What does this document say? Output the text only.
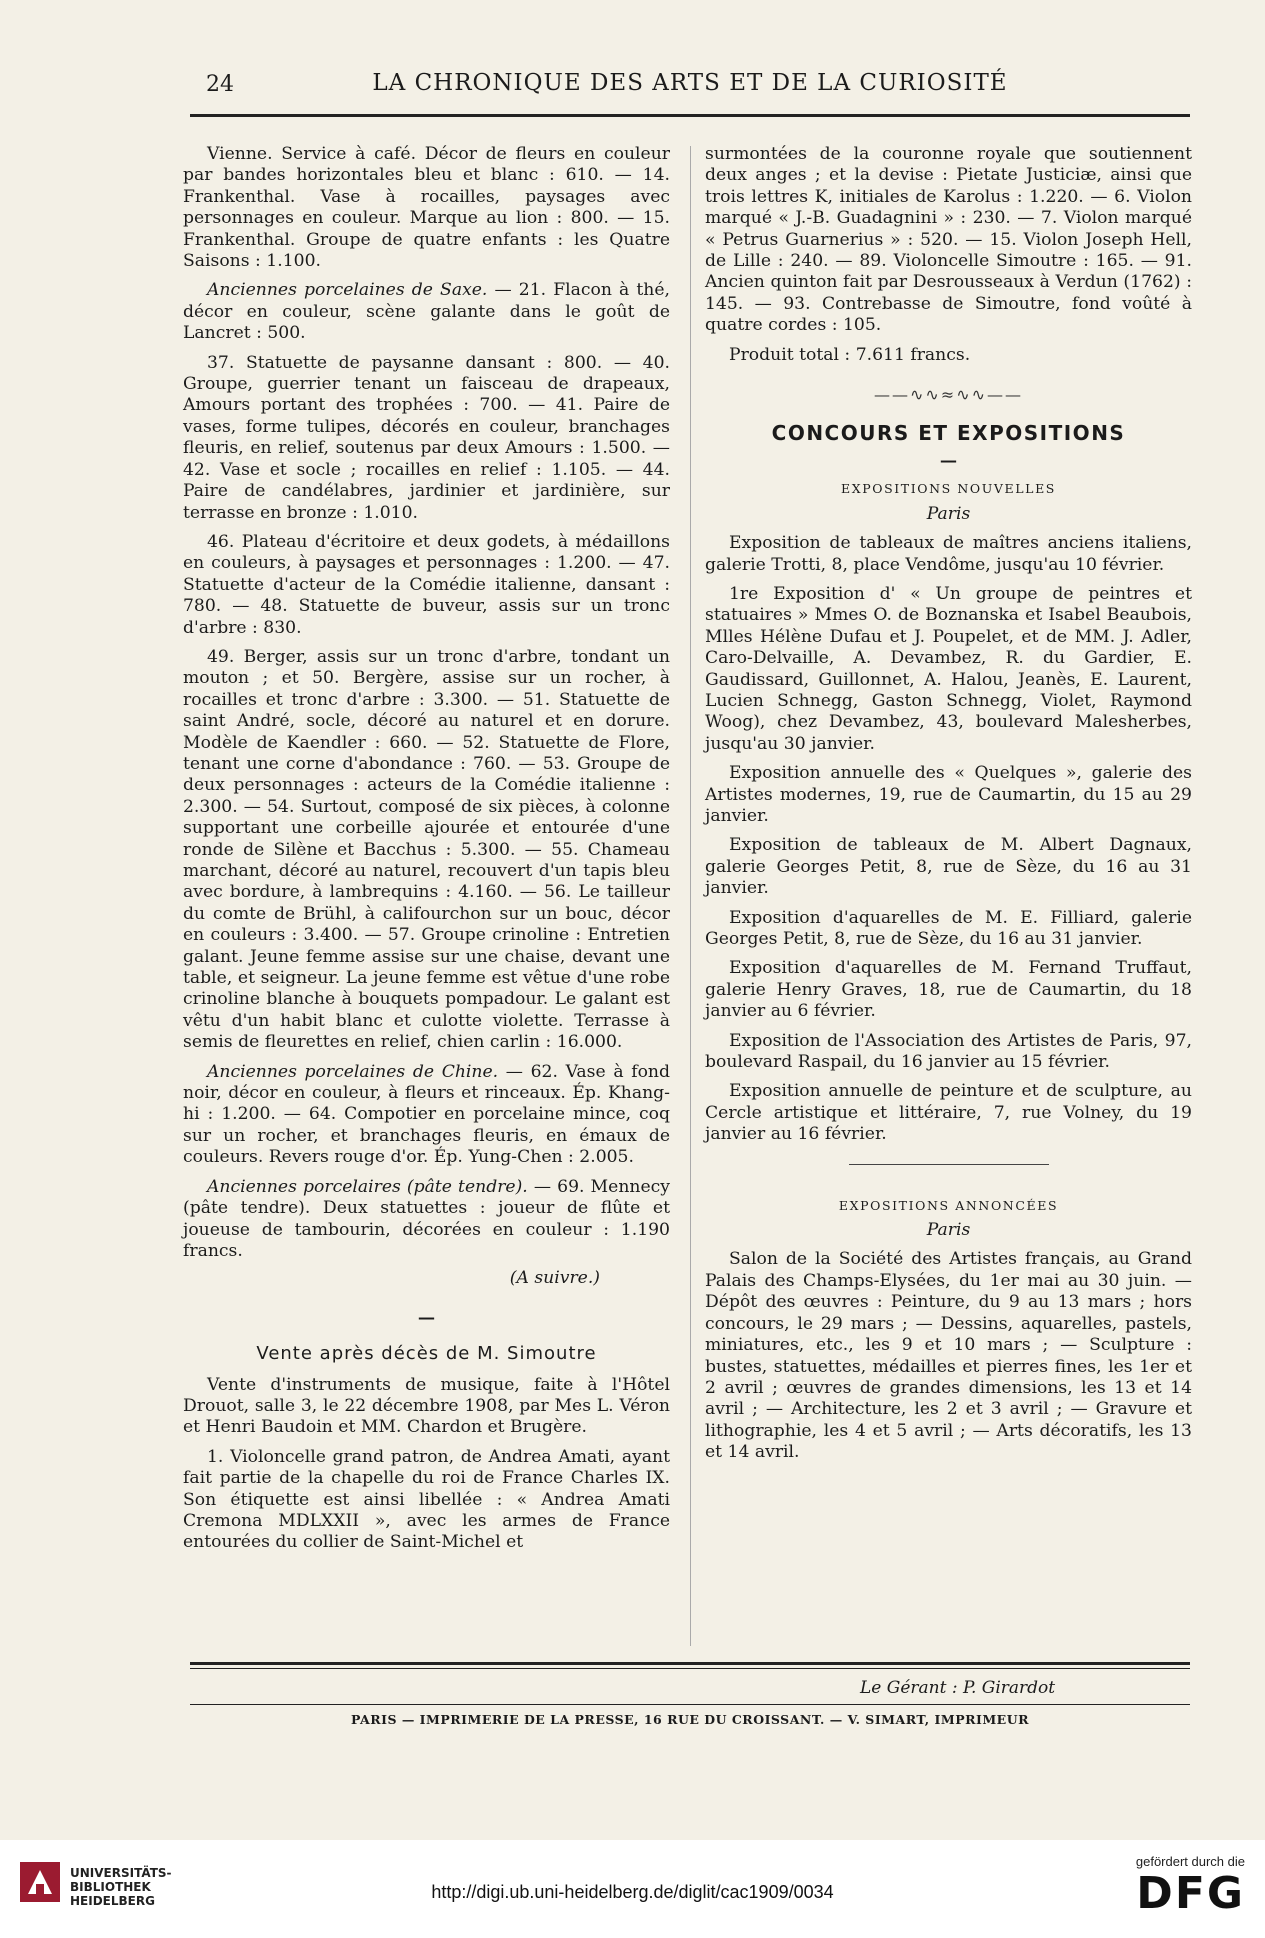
24	LA CHRONIQUE DES ARTS ET DE LA CURIOSITÉ

Vienne. Service à café. Décor de fleurs en couleur par bandes horizontales bleu et blanc : 610. — 14. Frankenthal. Vase à rocailles, paysages avec personnages en couleur. Marque au lion : 800. — 15. Frankenthal. Groupe de quatre enfants : les Quatre Saisons : 1.100.

Anciennes porcelaines de Saxe. — 21. Flacon à thé, décor en couleur, scène galante dans le goût de Lancret : 500.

37. Statuette de paysanne dansant : 800. — 40. Groupe, guerrier tenant un faisceau de drapeaux, Amours portant des trophées : 700. — 41. Paire de vases, forme tulipes, décorés en couleur, branchages fleuris, en relief, soutenus par deux Amours : 1.500. — 42. Vase et socle ; rocailles en relief : 1.105. — 44. Paire de candélabres, jardinier et jardinière, sur terrasse en bronze : 1.010.

46. Plateau d'écritoire et deux godets, à médaillons en couleurs, à paysages et personnages : 1.200. — 47. Statuette d'acteur de la Comédie italienne, dansant : 780. — 48. Statuette de buveur, assis sur un tronc d'arbre : 830.

49. Berger, assis sur un tronc d'arbre, tondant un mouton ; et 50. Bergère, assise sur un rocher, à rocailles et tronc d'arbre : 3.300. — 51. Statuette de saint André, socle, décoré au naturel et en dorure. Modèle de Kaendler : 660. — 52. Statuette de Flore, tenant une corne d'abondance : 760. — 53. Groupe de deux personnages : acteurs de la Comédie italienne : 2.300. — 54. Surtout, composé de six pièces, à colonne supportant une corbeille ajourée et entourée d'une ronde de Silène et Bacchus : 5.300. — 55. Chameau marchant, décoré au naturel, recouvert d'un tapis bleu avec bordure, à lambrequins : 4.160. — 56. Le tailleur du comte de Brühl, à califourchon sur un bouc, décor en couleurs : 3.400. — 57. Groupe crinoline : Entretien galant. Jeune femme assise sur une chaise, devant une table, et seigneur. La jeune femme est vêtue d'une robe crinoline blanche à bouquets pompadour. Le galant est vêtu d'un habit blanc et culotte violette. Terrasse à semis de fleurettes en relief, chien carlin : 16.000.

Anciennes porcelaines de Chine. — 62. Vase à fond noir, décor en couleur, à fleurs et rinceaux. Ép. Khang-hi : 1.200. — 64. Compotier en porcelaine mince, coq sur un rocher, et branchages fleuris, en émaux de couleurs. Revers rouge d'or. Ép. Yung-Chen : 2.005.

Anciennes porcelaires (pâte tendre). — 69. Mennecy (pâte tendre). Deux statuettes : joueur de flûte et joueuse de tambourin, décorées en couleur : 1.190 francs.

(A suivre.)
—
Vente après décès de M. Simoutre

Vente d'instruments de musique, faite à l'Hôtel Drouot, salle 3, le 22 décembre 1908, par Mes L. Véron et Henri Baudoin et MM. Chardon et Brugère.

1. Violoncelle grand patron, de Andrea Amati, ayant fait partie de la chapelle du roi de France Charles IX. Son étiquette est ainsi libellée : « Andrea Amati Cremona MDLXXII », avec les armes de France entourées du collier de Saint-Michel et

surmontées de la couronne royale que soutiennent deux anges ; et la devise : Pietate Justiciæ, ainsi que trois lettres K, initiales de Karolus : 1.220. — 6. Violon marqué « J.-B. Guadagnini » : 230. — 7. Violon marqué « Petrus Guarnerius » : 520. — 15. Violon Joseph Hell, de Lille : 240. — 89. Violoncelle Simoutre : 165. — 91. Ancien quinton fait par Desrousseaux à Verdun (1762) : 145. — 93. Contrebasse de Simoutre, fond voûté à quatre cordes : 105.

Produit total : 7.611 francs.

——∿∿≈∿∿——
CONCOURS ET EXPOSITIONS
—
EXPOSITIONS NOUVELLES
Paris

Exposition de tableaux de maîtres anciens italiens, galerie Trotti, 8, place Vendôme, jusqu'au 10 février.

1re Exposition d' « Un groupe de peintres et statuaires » Mmes O. de Boznanska et Isabel Beaubois, Mlles Hélène Dufau et J. Poupelet, et de MM. J. Adler, Caro-Delvaille, A. Devambez, R. du Gardier, E. Gaudissard, Guillonnet, A. Halou, Jeanès, E. Laurent, Lucien Schnegg, Gaston Schnegg, Violet, Raymond Woog), chez Devambez, 43, boulevard Malesherbes, jusqu'au 30 janvier.

Exposition annuelle des « Quelques », galerie des Artistes modernes, 19, rue de Caumartin, du 15 au 29 janvier.

Exposition de tableaux de M. Albert Dagnaux, galerie Georges Petit, 8, rue de Sèze, du 16 au 31 janvier.

Exposition d'aquarelles de M. E. Filliard, galerie Georges Petit, 8, rue de Sèze, du 16 au 31 janvier.

Exposition d'aquarelles de M. Fernand Truffaut, galerie Henry Graves, 18, rue de Caumartin, du 18 janvier au 6 février.

Exposition de l'Association des Artistes de Paris, 97, boulevard Raspail, du 16 janvier au 15 février.

Exposition annuelle de peinture et de sculpture, au Cercle artistique et littéraire, 7, rue Volney, du 19 janvier au 16 février.

EXPOSITIONS ANNONCÉES
Paris

Salon de la Société des Artistes français, au Grand Palais des Champs-Elysées, du 1er mai au 30 juin. — Dépôt des œuvres : Peinture, du 9 au 13 mars ; hors concours, le 29 mars ; — Dessins, aquarelles, pastels, miniatures, etc., les 9 et 10 mars ; — Sculpture : bustes, statuettes, médailles et pierres fines, les 1er et 2 avril ; œuvres de grandes dimensions, les 13 et 14 avril ; — Architecture, les 2 et 3 avril ; — Gravure et lithographie, les 4 et 5 avril ; — Arts décoratifs, les 13 et 14 avril.

Le Gérant : P. Girardot
PARIS — IMPRIMERIE DE LA PRESSE, 16 RUE DU CROISSANT. — V. SIMART, IMPRIMEUR
UNIVERSITÄTS-
BIBLIOTHEK
HEIDELBERG	http://digi.ub.uni-heidelberg.de/diglit/cac1909/0034
gefördert durch die
DFG
